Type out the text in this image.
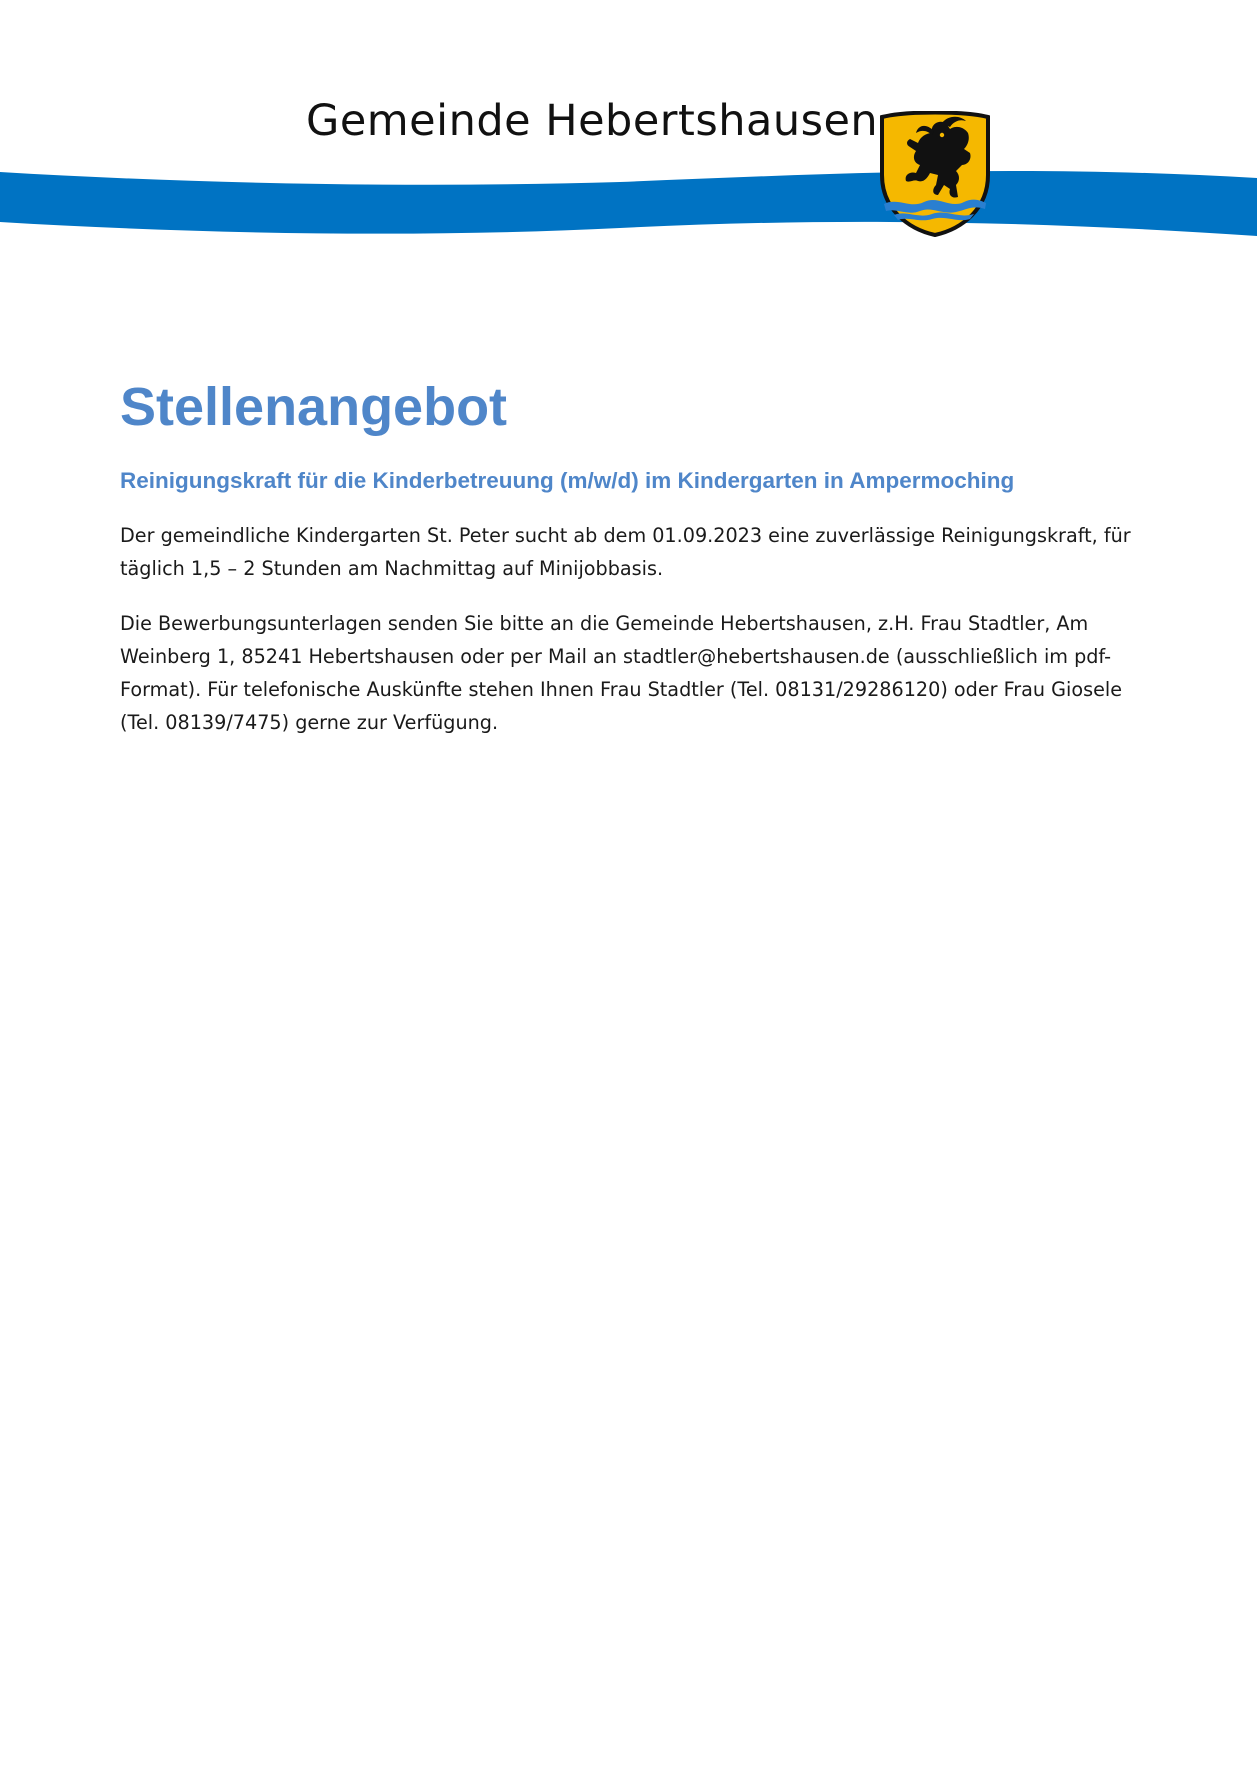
Gemeinde Hebertshausen
Stellenangebot
Reinigungskraft für die Kinderbetreuung (m/w/d) im Kindergarten in Ampermoching

Der gemeindliche Kindergarten St. Peter sucht ab dem 01.09.2023 eine zuverlässige Reinigungskraft, für
täglich 1,5 – 2 Stunden am Nachmittag auf Minijobbasis.

Die Bewerbungsunterlagen senden Sie bitte an die Gemeinde Hebertshausen, z.H. Frau Stadtler, Am
Weinberg 1, 85241 Hebertshausen oder per Mail an stadtler@hebertshausen.de (ausschließlich im pdf-
Format). Für telefonische Auskünfte stehen Ihnen Frau Stadtler (Tel. 08131/29286120) oder Frau Giosele
(Tel. 08139/7475) gerne zur Verfügung.
